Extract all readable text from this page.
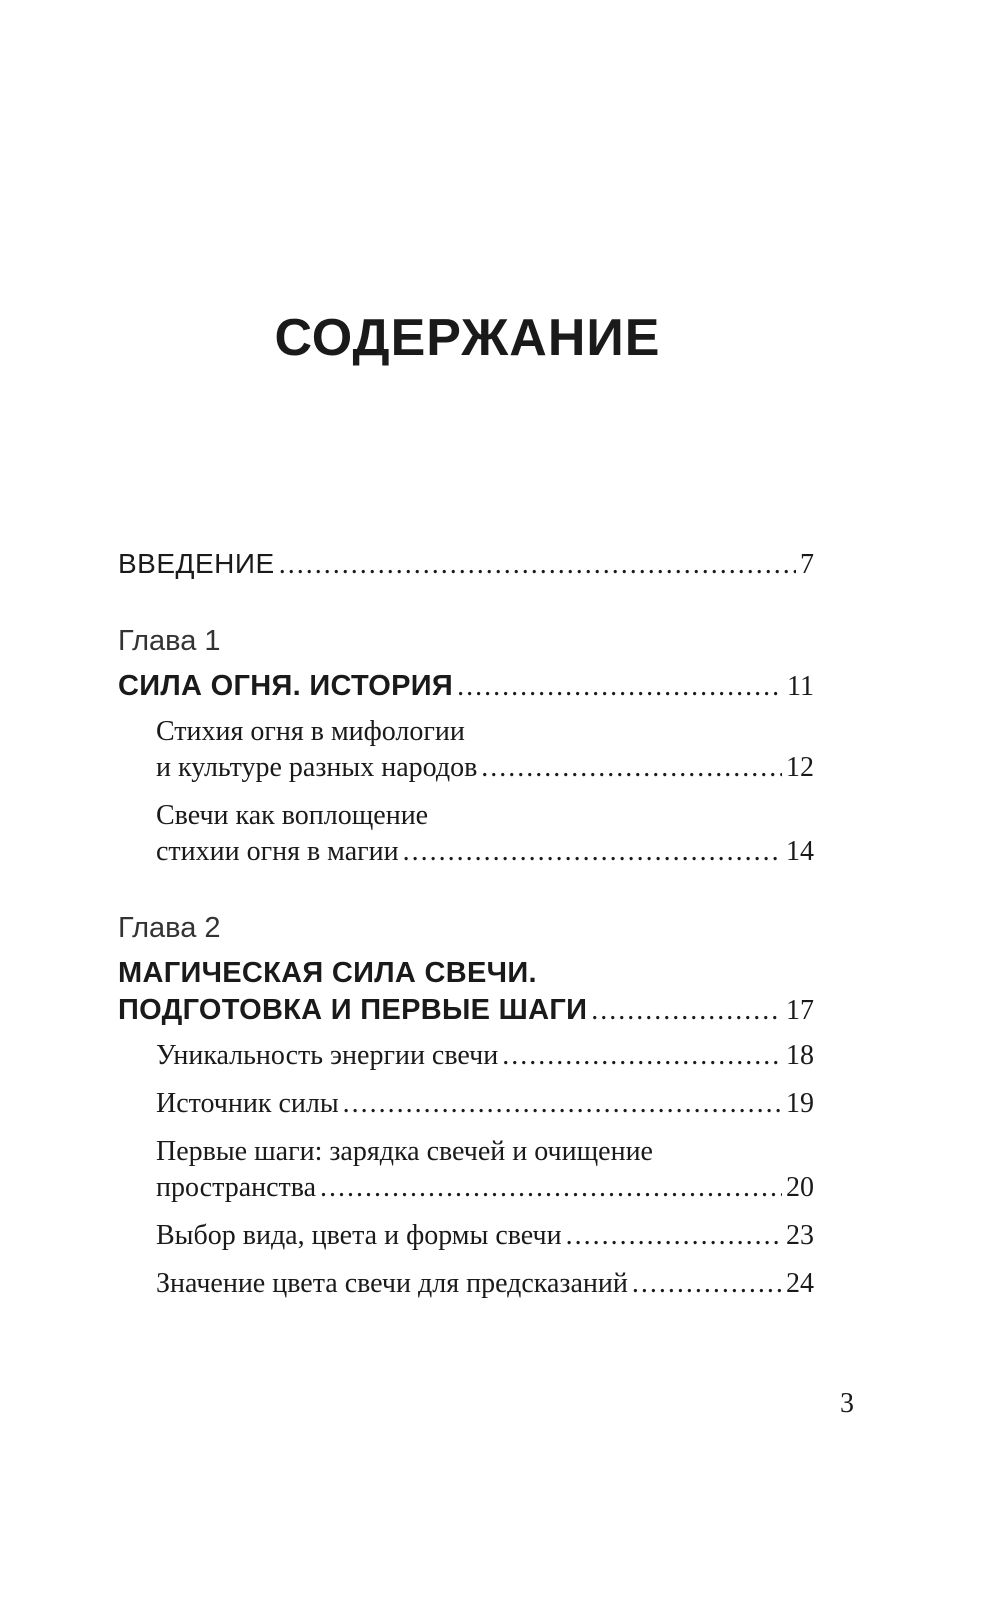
СОДЕРЖАНИЕ
ВВЕДЕНИЕ .....	7
Глава 1
СИЛА ОГНЯ. ИСТОРИЯ .....	11
Стихия огня в мифологии
и культуре разных народов .....	12
Свечи как воплощение
стихии огня в магии .....	14
Глава 2
МАГИЧЕСКАЯ СИЛА СВЕЧИ.
ПОДГОТОВКА И ПЕРВЫЕ ШАГИ .....	17
Уникальность энергии свечи .....	18
Источник силы .....	19
Первые шаги: зарядка свечей и очищение
пространства .....	20
Выбор вида, цвета и формы свечи .....	23
Значение цвета свечи для предсказаний .....	24
3
